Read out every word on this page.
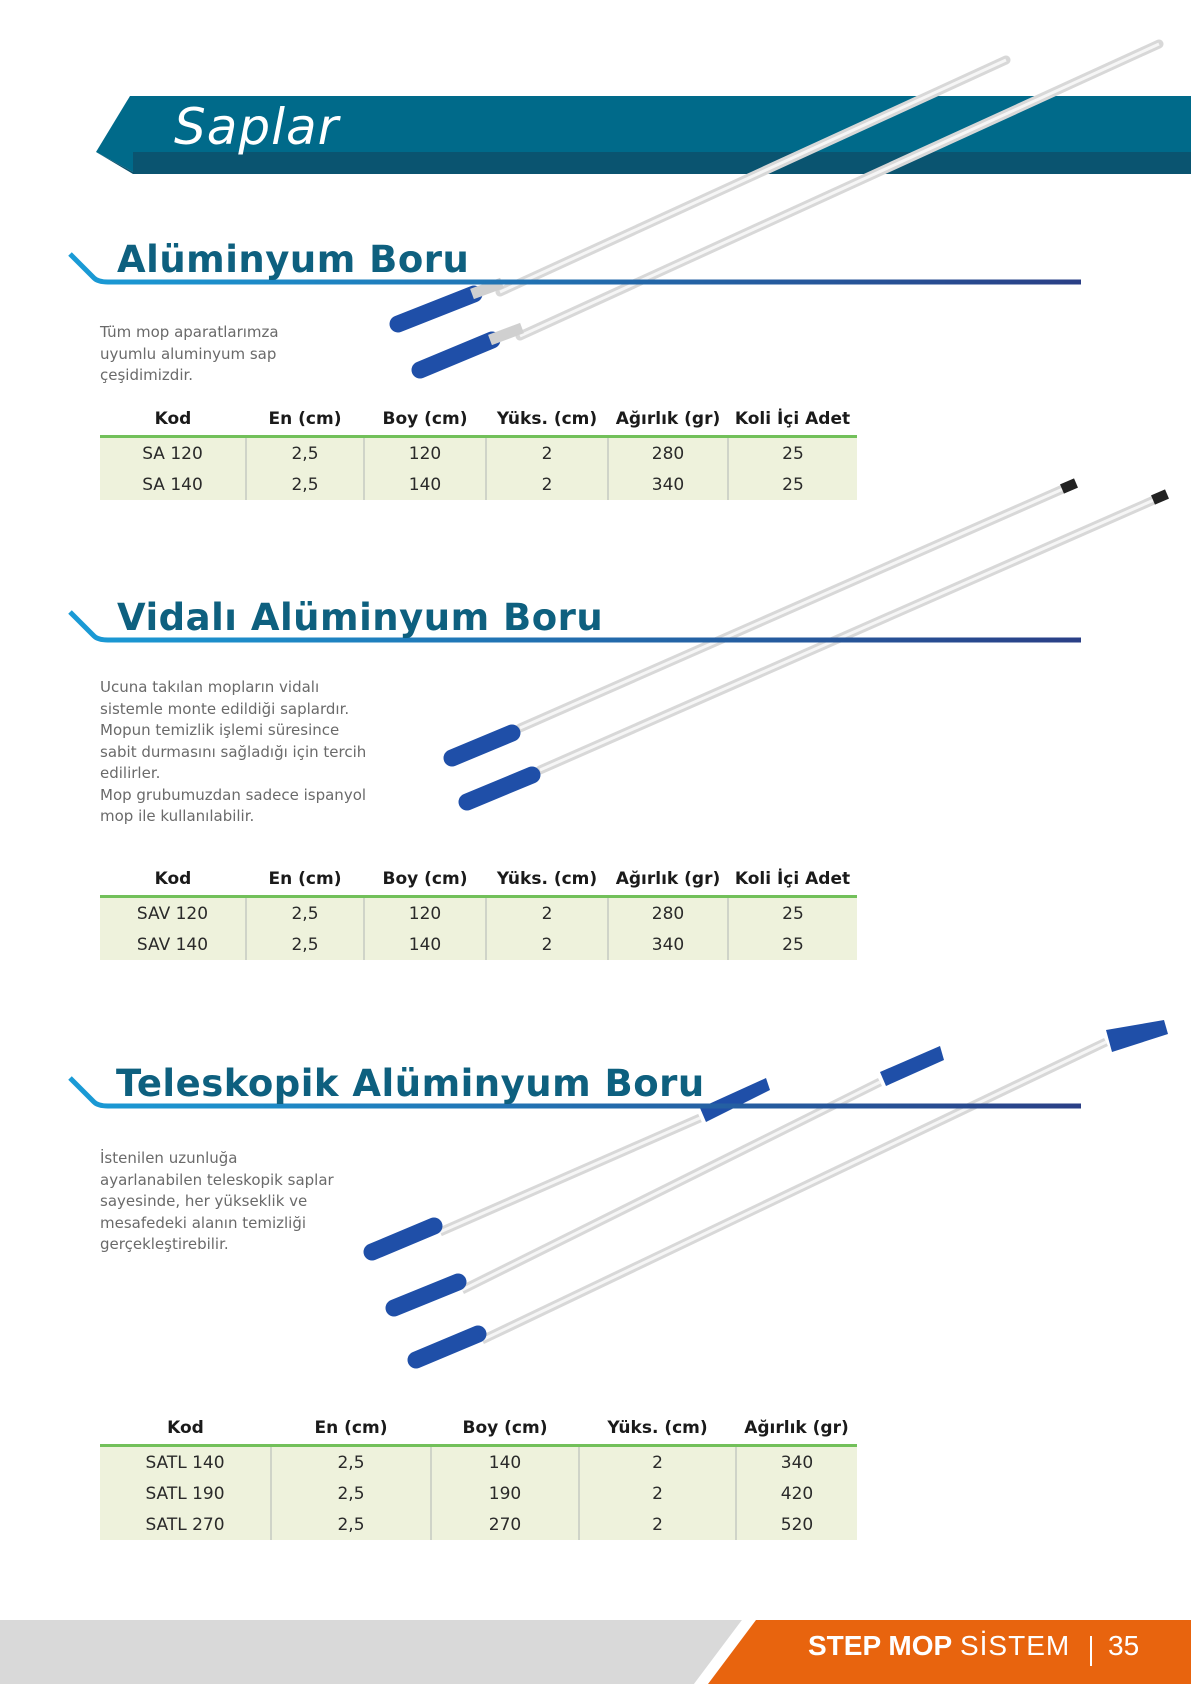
Saplar
Alüminyum Boru

Tüm mop aparatlarımza
uyumlu aluminyum sap
çeşidimizdir.

Kod	En (cm)	Boy (cm)	Yüks. (cm)	Ağırlık (gr)	Koli İçi Adet
SA 120	2,5	120	2	280	25
SA 140	2,5	140	2	340	25
Vidalı Alüminyum Boru

Ucuna takılan mopların vidalı
sistemle monte edildiği saplardır.
Mopun temizlik işlemi süresince
sabit durmasını sağladığı için tercih
edilirler.
Mop grubumuzdan sadece ispanyol
mop ile kullanılabilir.

Kod	En (cm)	Boy (cm)	Yüks. (cm)	Ağırlık (gr)	Koli İçi Adet
SAV 120	2,5	120	2	280	25
SAV 140	2,5	140	2	340	25
Teleskopik Alüminyum Boru

İstenilen uzunluğa
ayarlanabilen teleskopik saplar
sayesinde, her yükseklik ve
mesafedeki alanın temizliği
gerçekleştirebilir.

Kod	En (cm)	Boy (cm)	Yüks. (cm)	Ağırlık (gr)
SATL 140	2,5	140	2	340
SATL 190	2,5	190	2	420
SATL 270	2,5	270	2	520

STEP MOP SİSTEM 35
